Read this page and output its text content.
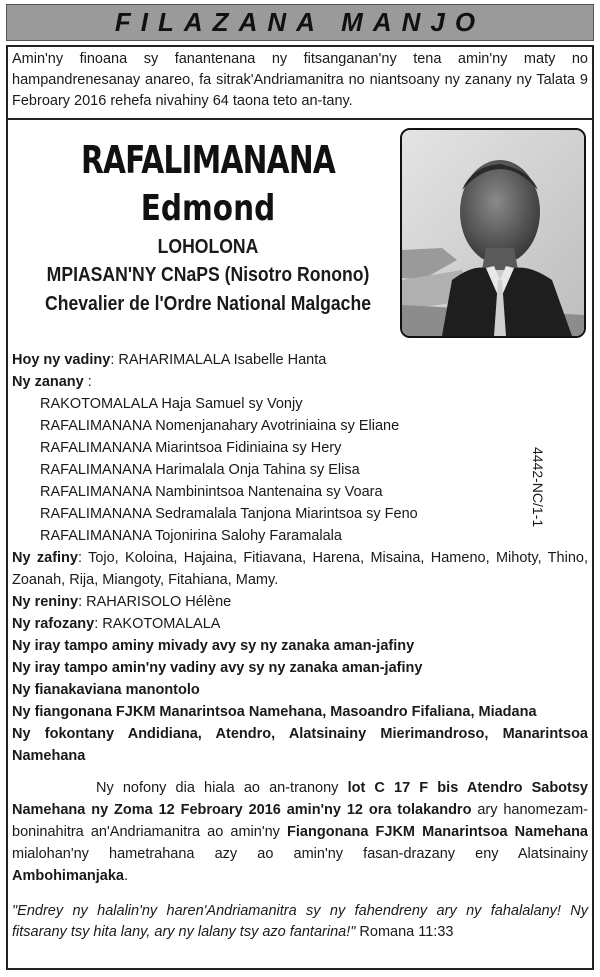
FILAZANA MANJO

Amin'ny finoana sy fanantenana ny fitsanganan'ny tena amin'ny maty no hampandrenesanay anareo, fa sitrak'Andriamanitra no niantsoany ny zanany ny Talata 9 Febroary 2016 rehefa nivahiny 64 taona teto an-tany.

RAFALIMANANA
Edmond
LOHOLONA
MPIASAN'NY CNaPS (Nisotro Ronono)
Chevalier de l'Ordre National Malgache
4442-NC/1-1
Hoy ny vadiny: RAHARIMALALA Isabelle Hanta
Ny zanany :
RAKOTOMALALA Haja Samuel sy Vonjy
RAFALIMANANA Nomenjanahary Avotriniaina sy Eliane
RAFALIMANANA Miarintsoa Fidiniaina sy Hery
RAFALIMANANA Harimalala Onja Tahina sy Elisa
RAFALIMANANA Nambinintsoa Nantenaina sy Voara
RAFALIMANANA Sedramalala Tanjona Miarintsoa sy Feno
RAFALIMANANA Tojonirina Salohy Faramalala
Ny zafiny: Tojo, Koloina, Hajaina, Fitiavana, Harena, Misaina, Hameno, Mihoty, Thino, Zoanah, Rija, Miangoty, Fitahiana, Mamy.
Ny reniny: RAHARISOLO Hélène
Ny rafozany: RAKOTOMALALA
Ny iray tampo aminy mivady avy sy ny zanaka aman-jafiny
Ny iray tampo amin'ny vadiny avy sy ny zanaka aman-jafiny
Ny fianakaviana manontolo
Ny fiangonana FJKM Manarintsoa Namehana, Masoandro Fifaliana, Miadana
Ny fokontany Andidiana, Atendro, Alatsinainy Mierimandroso, Manarintsoa Namehana

Ny nofony dia hiala ao an-tranony lot C 17 F bis Atendro Sabotsy Namehana ny Zoma 12 Febroary 2016 amin'ny 12 ora tolakandro ary hanomezam-boninahitra an'Andriamanitra ao amin'ny Fiangonana FJKM Manarintsoa Namehana mialohan'ny hametrahana azy ao amin'ny fasan-drazany eny Alatsinainy Ambohimanjaka.

"Endrey ny halalin'ny haren'Andriamanitra sy ny fahendreny ary ny fahalalany! Ny fitsarany tsy hita lany, ary ny lalany tsy azo fantarina!" Romana 11:33
